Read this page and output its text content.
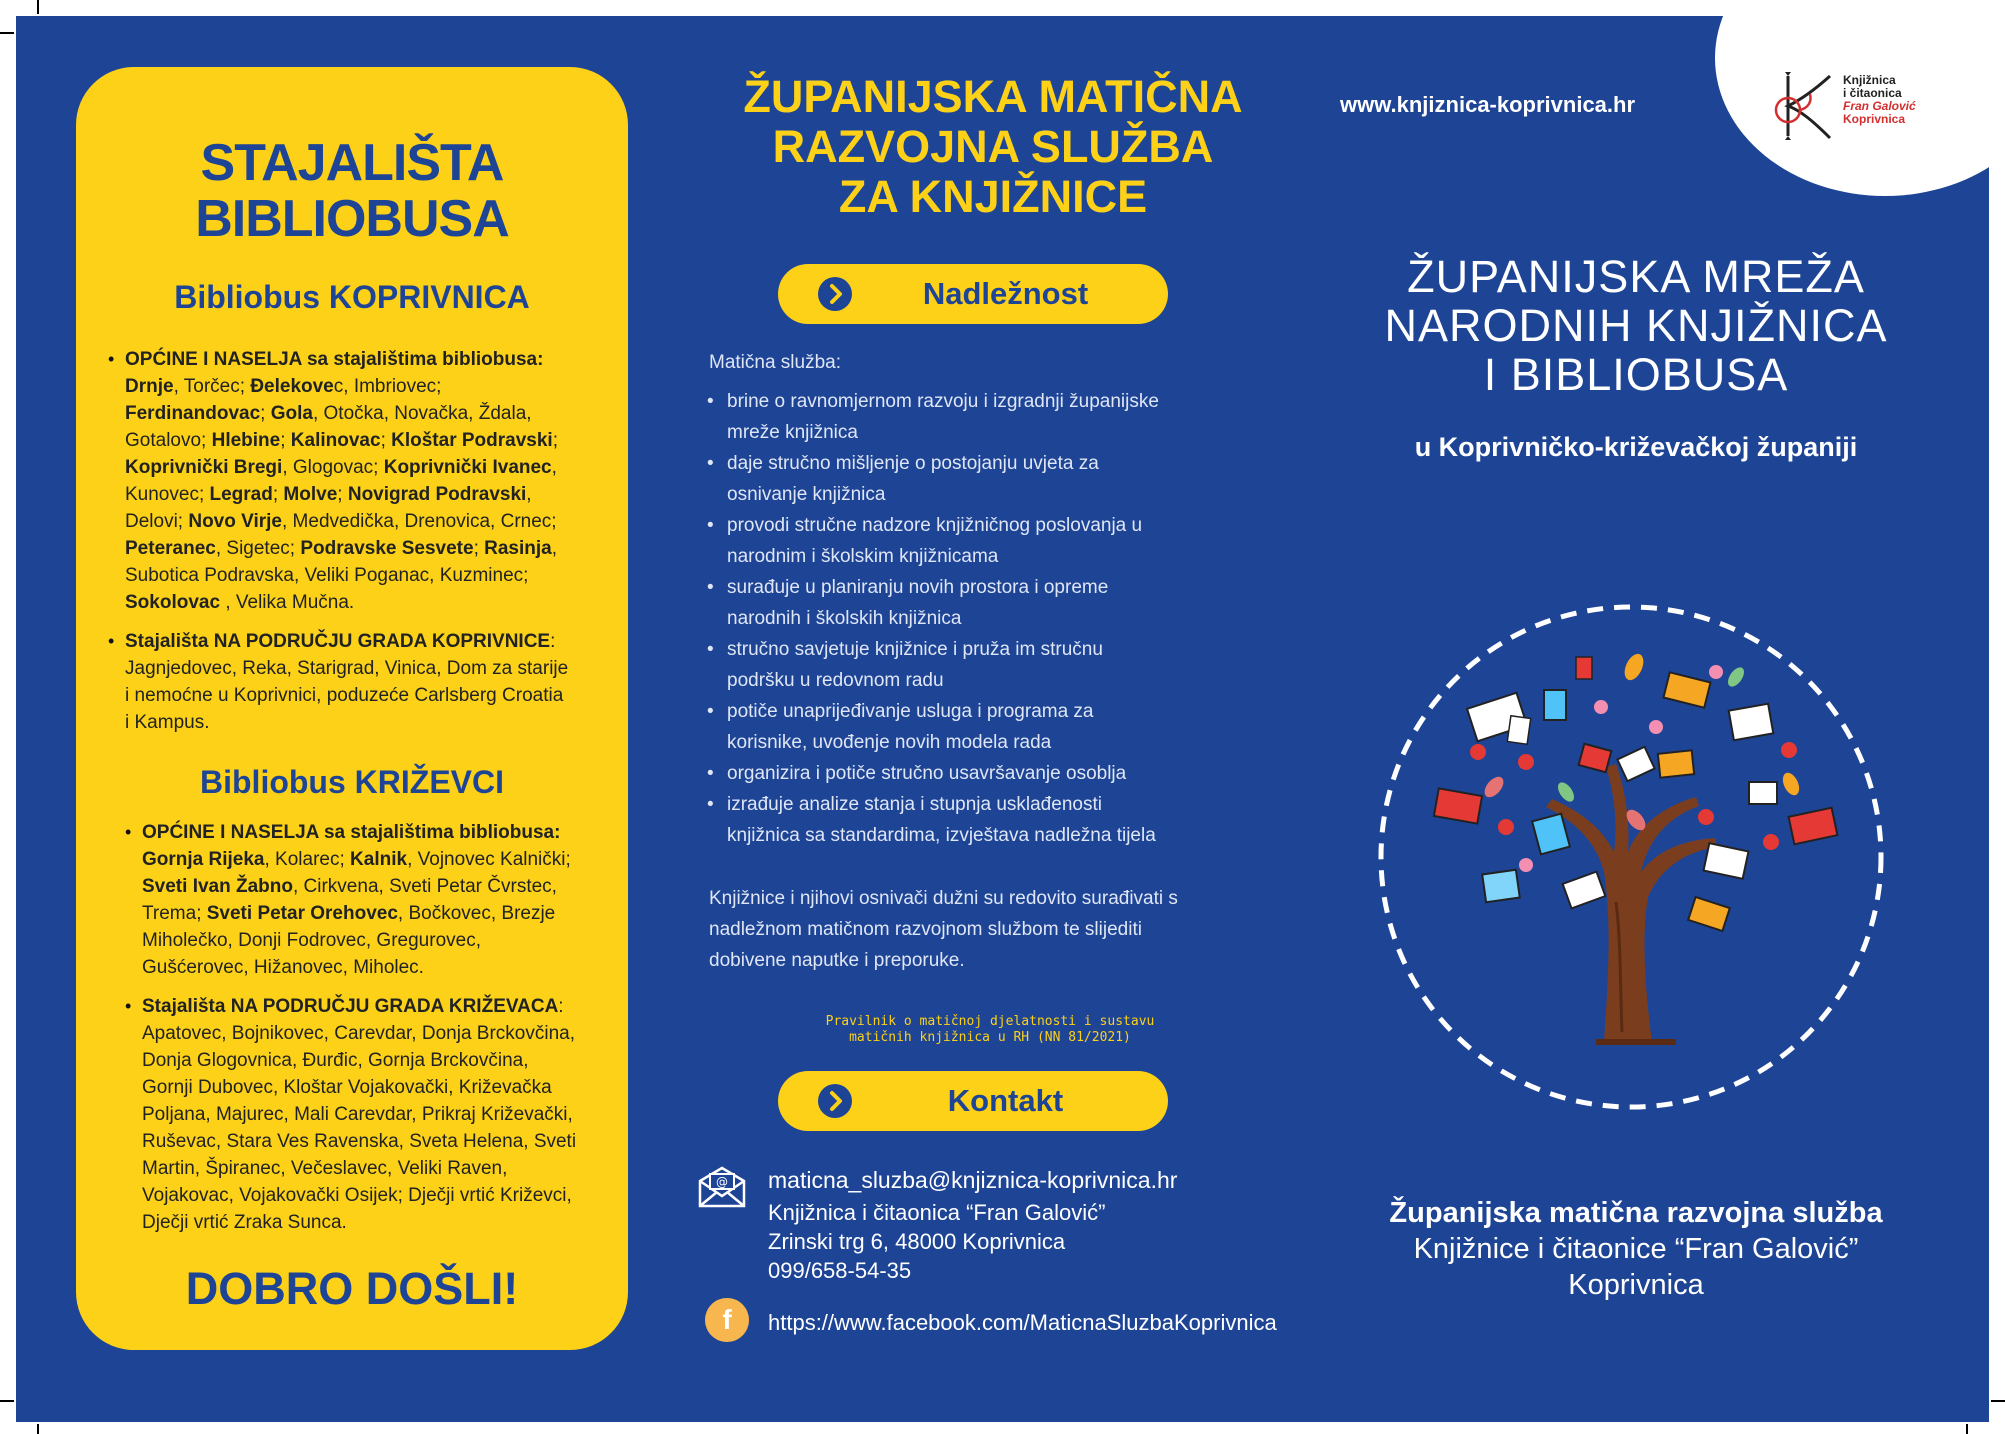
STAJALIŠTA
BIBLIOBUSA
Bibliobus KOPRIVNICA
• OPĆINE I NASELJA sa stajalištima bibliobusa:
Drnje, Torčec; Đelekovec, Imbriovec;
Ferdinandovac; Gola, Otočka, Novačka, Ždala,
Gotalovo; Hlebine; Kalinovac; Kloštar Podravski;
Koprivnički Bregi, Glogovac; Koprivnički Ivanec,
Kunovec; Legrad; Molve; Novigrad Podravski,
Delovi; Novo Virje, Medvedička, Drenovica, Crnec;
Peteranec, Sigetec; Podravske Sesvete; Rasinja,
Subotica Podravska, Veliki Poganac, Kuzminec;
Sokolovac , Velika Mučna.
• Stajališta NA PODRUČJU GRADA KOPRIVNICE:
Jagnjedovec, Reka, Starigrad, Vinica, Dom za starije
i nemoćne u Koprivnici, poduzeće Carlsberg Croatia
i Kampus.
Bibliobus KRIŽEVCI
• OPĆINE I NASELJA sa stajalištima bibliobusa:
Gornja Rijeka, Kolarec; Kalnik, Vojnovec Kalnički;
Sveti Ivan Žabno, Cirkvena, Sveti Petar Čvrstec,
Trema; Sveti Petar Orehovec, Bočkovec, Brezje
Miholečko, Donji Fodrovec, Gregurovec,
Gušćerovec, Hižanovec, Miholec.
• Stajališta NA PODRUČJU GRADA KRIŽEVACA:
Apatovec, Bojnikovec, Carevdar, Donja Brckovčina,
Donja Glogovnica, Đurđic, Gornja Brckovčina,
Gornji Dubovec, Kloštar Vojakovački, Križevačka
Poljana, Majurec, Mali Carevdar, Prikraj Križevački,
Ruševac, Stara Ves Ravenska, Sveta Helena, Sveti
Martin, Špiranec, Večeslavec, Veliki Raven,
Vojakovac, Vojakovački Osijek; Dječji vrtić Križevci,
Dječji vrtić Zraka Sunca.
DOBRO DOŠLI!
ŽUPANIJSKA MATIČNA
RAZVOJNA SLUŽBA
ZA KNJIŽNICE
Nadležnost
Matična služba:
• brine o ravnomjernom razvoju i izgradnji županijske
mreže knjižnica
• daje stručno mišljenje o postojanju uvjeta za
osnivanje knjižnica
• provodi stručne nadzore knjižničnog poslovanja u
narodnim i školskim knjižnicama
• surađuje u planiranju novih prostora i opreme
narodnih i školskih knjižnica
• stručno savjetuje knjižnice i pruža im stručnu
podršku u redovnom radu
• potiče unaprijeđivanje usluga i programa za
korisnike, uvođenje novih modela rada
• organizira i potiče stručno usavršavanje osoblja
• izrađuje analize stanja i stupnja usklađenosti
knjižnica sa standardima, izvještava nadležna tijela
Knjižnice i njihovi osnivači dužni su redovito surađivati s
nadležnom matičnom razvojnom službom te slijediti
dobivene naputke i preporuke.
Pravilnik o matičnoj djelatnosti i sustavu
matičnih knjižnica u RH (NN 81/2021)
Kontakt
@ maticna_sluzba@knjiznica-koprivnica.hr
Knjižnica i čitaonica “Fran Galović”
Zrinski trg 6, 48000 Koprivnica
099/658-54-35
f	https://www.facebook.com/MaticnaSluzbaKoprivnica
www.knjiznica-koprivnica.hr
Knjižnica
i čitaonica
Fran Galović
Koprivnica
ŽUPANIJSKA MREŽA
NARODNIH KNJIŽNICA
I BIBLIOBUSA
u Koprivničko-križevačkoj županiji
Županijska matična razvojna služba
Knjižnice i čitaonice “Fran Galović”
Koprivnica
